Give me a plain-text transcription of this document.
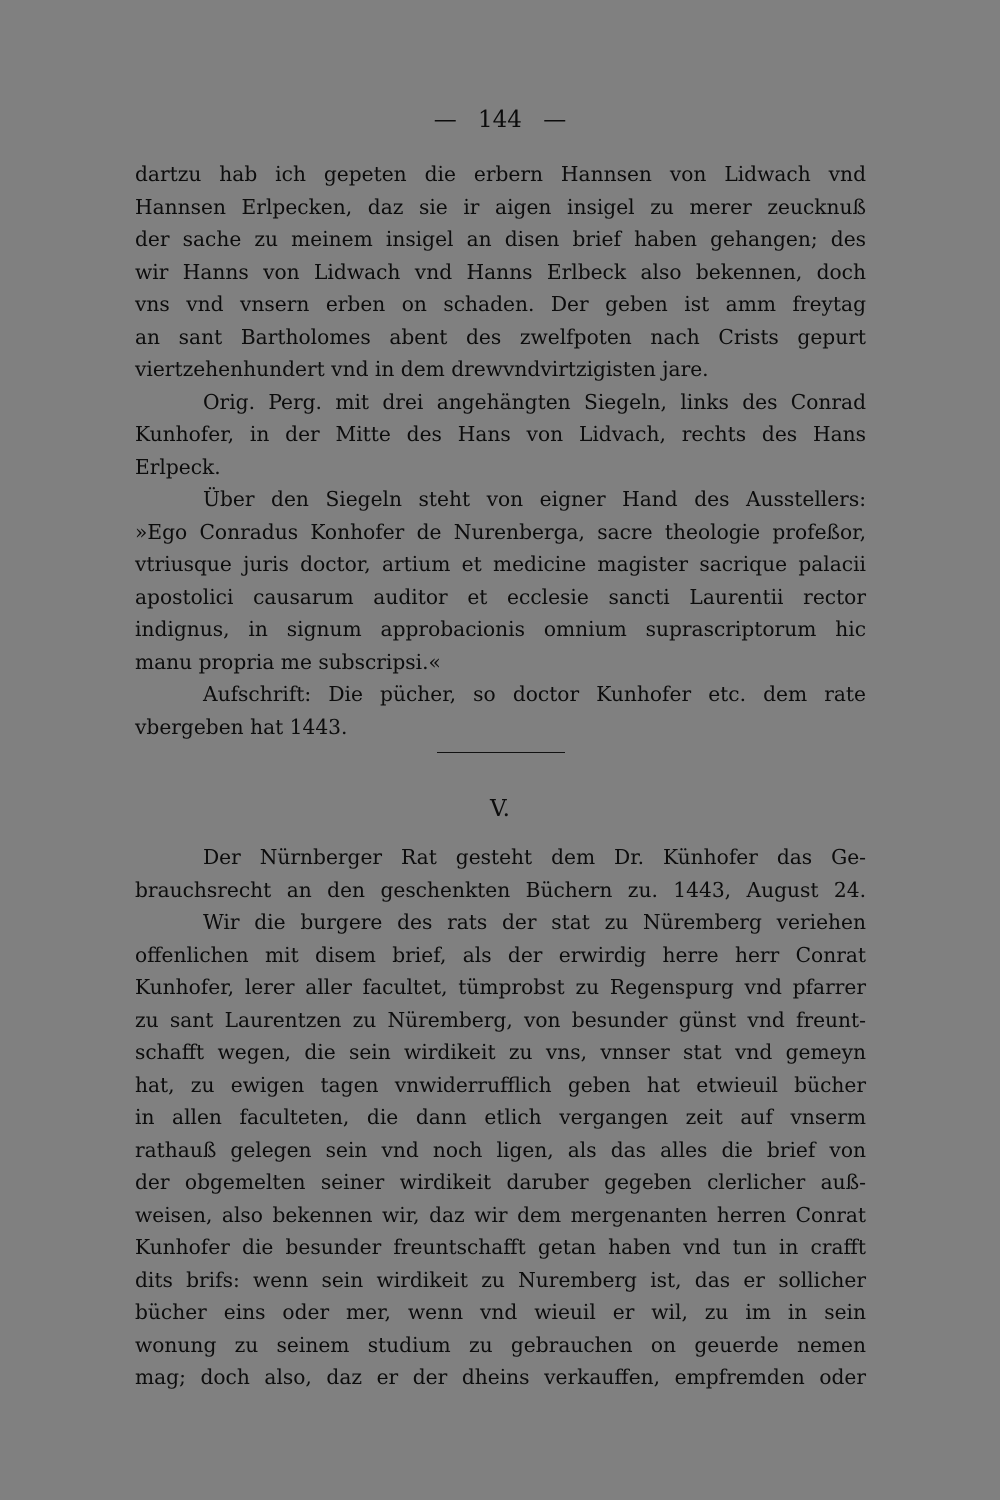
— 144 —
dartzu hab ich gepeten die erbern Hannsen von Lidwach vnd
Hannsen Erlpecken, daz sie ir aigen insigel zu merer zeucknuß
der sache zu meinem insigel an disen brief haben gehangen; des
wir Hanns von Lidwach vnd Hanns Erlbeck also bekennen, doch
vns vnd vnsern erben on schaden. Der geben ist amm freytag
an sant Bartholomes abent des zwelfpoten nach Crists gepurt
viertzehenhundert vnd in dem drewvndvirtzigisten jare.
Orig. Perg. mit drei angehängten Siegeln, links des Conrad
Kunhofer, in der Mitte des Hans von Lidvach, rechts des Hans
Erlpeck.
Über den Siegeln steht von eigner Hand des Ausstellers:
»Ego Conradus Konhofer de Nurenberga, sacre theologie profeßor,
vtriusque juris doctor, artium et medicine magister sacrique palacii
apostolici causarum auditor et ecclesie sancti Laurentii rector
indignus, in signum approbacionis omnium suprascriptorum hic
manu propria me subscripsi.«
Aufschrift: Die pücher, so doctor Kunhofer etc. dem rate
vbergeben hat 1443.
V.
Der Nürnberger Rat gesteht dem Dr. Künhofer das Ge-
brauchsrecht an den geschenkten Büchern zu. 1443, August 24.
Wir die burgere des rats der stat zu Nüremberg veriehen
offenlichen mit disem brief, als der erwirdig herre herr Conrat
Kunhofer, lerer aller facultet, tümprobst zu Regenspurg vnd pfarrer
zu sant Laurentzen zu Nüremberg, von besunder günst vnd freunt-
schafft wegen, die sein wirdikeit zu vns, vnnser stat vnd gemeyn
hat, zu ewigen tagen vnwiderrufflich geben hat etwieuil bücher
in allen faculteten, die dann etlich vergangen zeit auf vnserm
rathauß gelegen sein vnd noch ligen, als das alles die brief von
der obgemelten seiner wirdikeit daruber gegeben clerlicher auß-
weisen, also bekennen wir, daz wir dem mergenanten herren Conrat
Kunhofer die besunder freuntschafft getan haben vnd tun in crafft
dits brifs: wenn sein wirdikeit zu Nuremberg ist, das er sollicher
bücher eins oder mer, wenn vnd wieuil er wil, zu im in sein
wonung zu seinem studium zu gebrauchen on geuerde nemen
mag; doch also, daz er der dheins verkauffen, empfremden oder
